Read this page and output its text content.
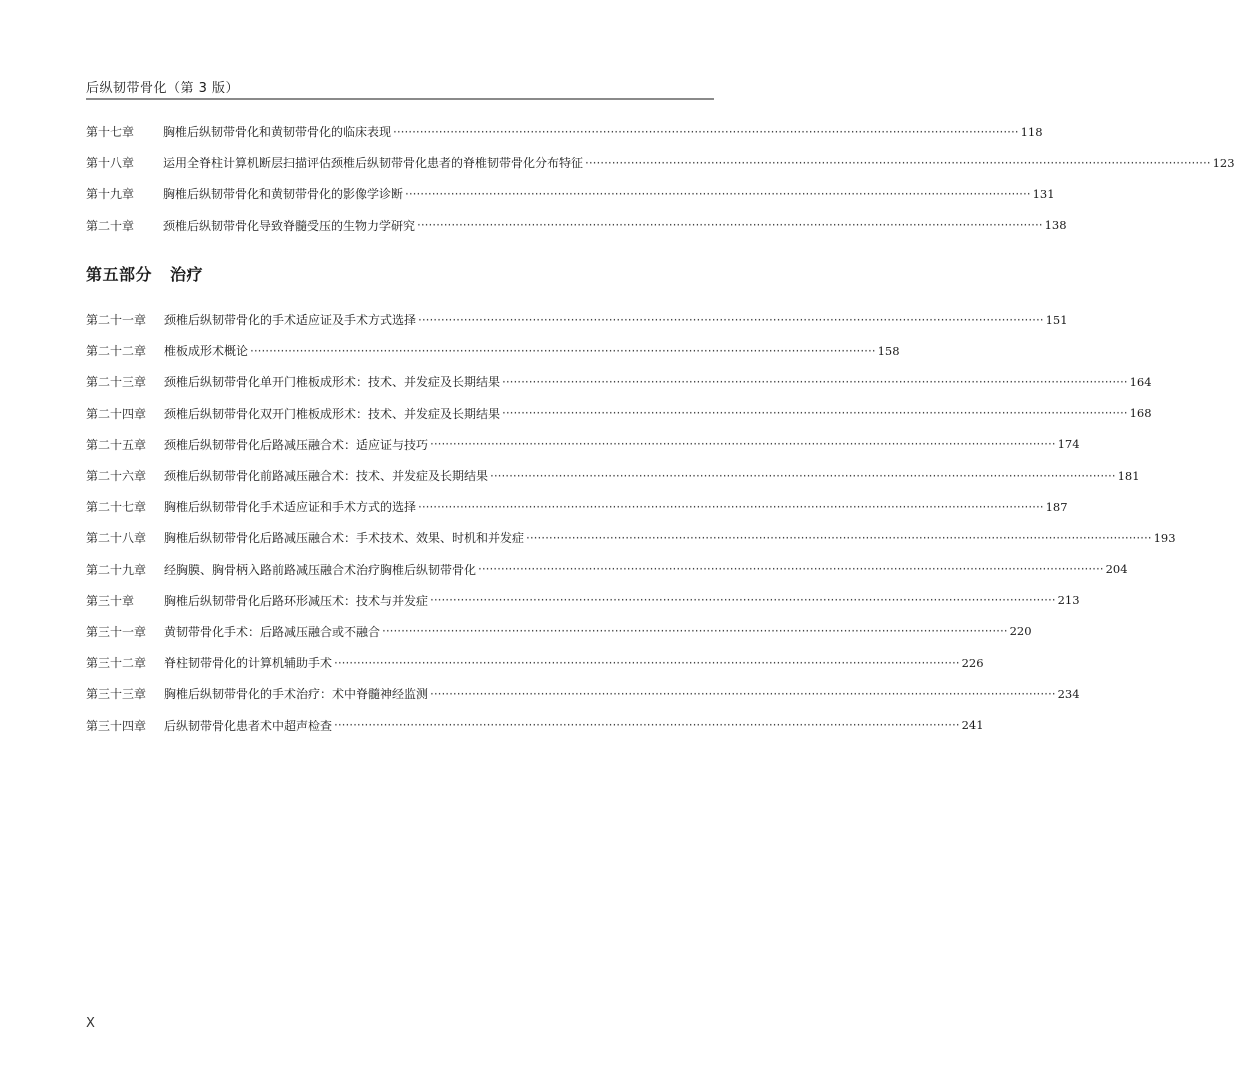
后纵韧带骨化（第 3 版）
第十七章	胸椎后纵韧带骨化和黄韧带骨化的临床表现 ·····	118
第十八章	运用全脊柱计算机断层扫描评估颈椎后纵韧带骨化患者的脊椎韧带骨化分布特征 ·····	123
第十九章	胸椎后纵韧带骨化和黄韧带骨化的影像学诊断 ·····	131
第二十章	颈椎后纵韧带骨化导致脊髓受压的生物力学研究 ·····	138
第五部分 治疗
第二十一章	颈椎后纵韧带骨化的手术适应证及手术方式选择 ·····	151
第二十二章	椎板成形术概论 ·····	158
第二十三章	颈椎后纵韧带骨化单开门椎板成形术：技术、并发症及长期结果 ·····	164
第二十四章	颈椎后纵韧带骨化双开门椎板成形术：技术、并发症及长期结果 ·····	168
第二十五章	颈椎后纵韧带骨化后路减压融合术：适应证与技巧 ·····	174
第二十六章	颈椎后纵韧带骨化前路减压融合术：技术、并发症及长期结果 ·····	181
第二十七章	胸椎后纵韧带骨化手术适应证和手术方式的选择 ·····	187
第二十八章	胸椎后纵韧带骨化后路减压融合术：手术技术、效果、时机和并发症 ·····	193
第二十九章	经胸膜、胸骨柄入路前路减压融合术治疗胸椎后纵韧带骨化 ·····	204
第三十章	胸椎后纵韧带骨化后路环形减压术：技术与并发症 ·····	213
第三十一章	黄韧带骨化手术：后路减压融合或不融合 ·····	220
第三十二章	脊柱韧带骨化的计算机辅助手术 ·····	226
第三十三章	胸椎后纵韧带骨化的手术治疗：术中脊髓神经监测 ·····	234
第三十四章	后纵韧带骨化患者术中超声检查 ·····	241
X
